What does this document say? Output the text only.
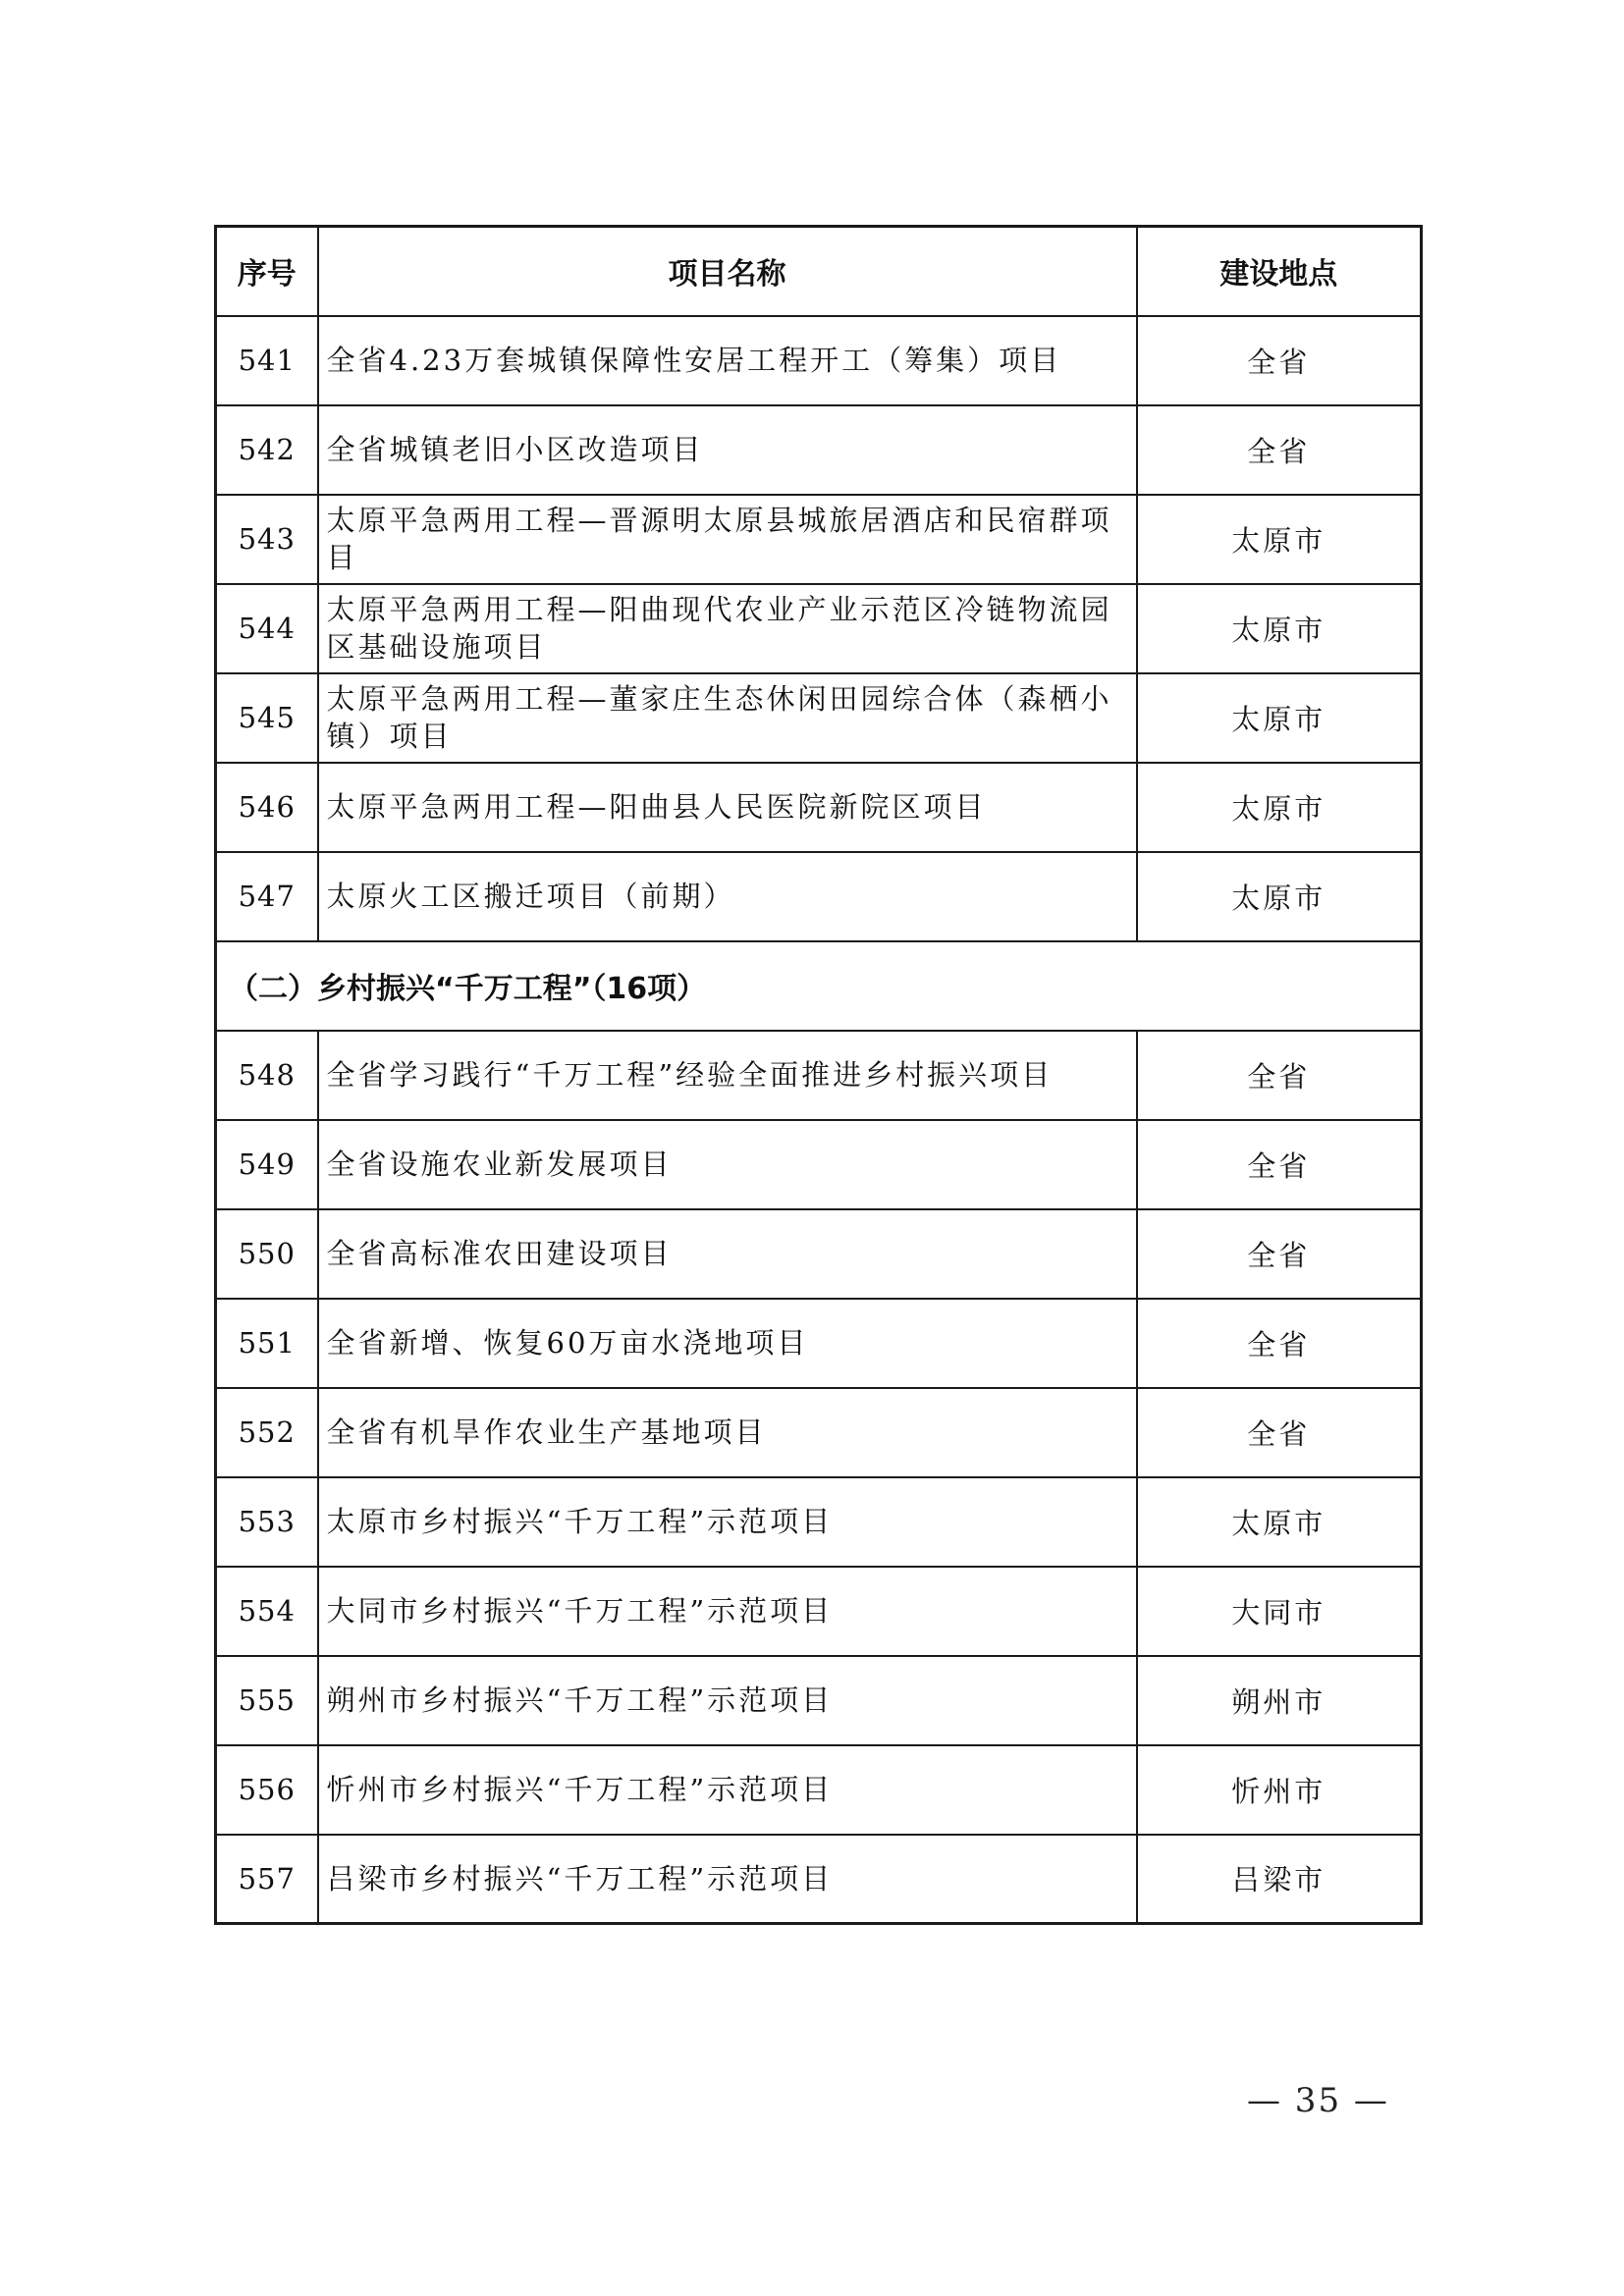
序号	项目名称	建设地点
541	全省4.23万套城镇保障性安居工程开工（筹集）项目	全省
542	全省城镇老旧小区改造项目	全省
543	太原平急两用工程—晋源明太原县城旅居酒店和民宿群项目	太原市
544	太原平急两用工程—阳曲现代农业产业示范区冷链物流园区基础设施项目	太原市
545	太原平急两用工程—董家庄生态休闲田园综合体（森栖小镇）项目	太原市
546	太原平急两用工程—阳曲县人民医院新院区项目	太原市
547	太原火工区搬迁项目（前期）	太原市
（二）乡村振兴“千万工程”（16项）		
548	全省学习践行“千万工程”经验全面推进乡村振兴项目	全省
549	全省设施农业新发展项目	全省
550	全省高标准农田建设项目	全省
551	全省新增、恢复60万亩水浇地项目	全省
552	全省有机旱作农业生产基地项目	全省
553	太原市乡村振兴“千万工程”示范项目	太原市
554	大同市乡村振兴“千万工程”示范项目	大同市
555	朔州市乡村振兴“千万工程”示范项目	朔州市
556	忻州市乡村振兴“千万工程”示范项目	忻州市
557	吕梁市乡村振兴“千万工程”示范项目	吕梁市
— 35 —
